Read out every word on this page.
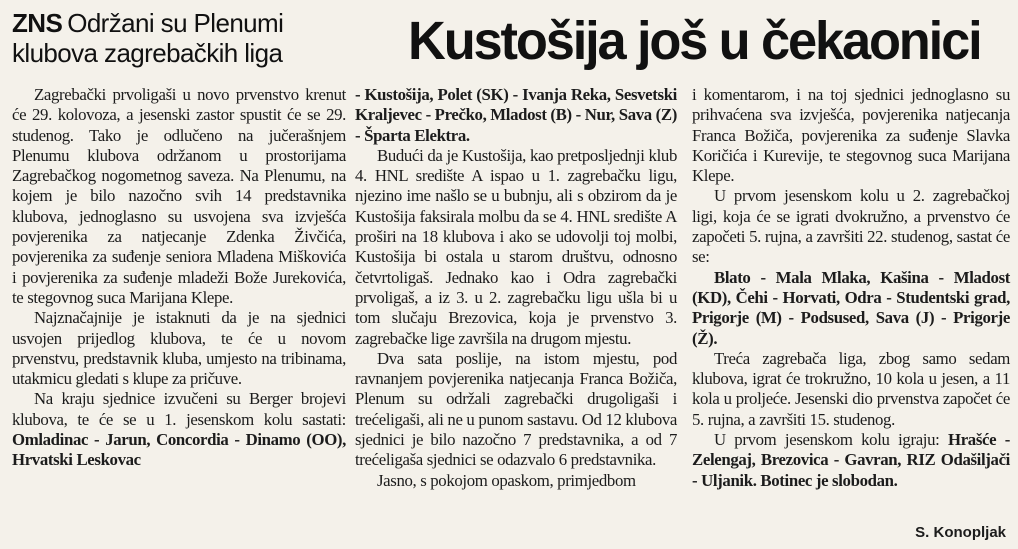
ZNS Održani su Plenumi klubova zagrebačkih liga	Kustošija još u čekaonici

Zagrebački prvoligaši u novo prvenstvo krenut će 29. kolovoza, a jesenski zastor spustit će se 29. studenog. Tako je odlučeno na jučerašnjem Plenumu klubova održanom u prostorijama Zagrebačkog nogometnog saveza. Na Plenumu, na kojem je bilo nazočno svih 14 predstavnika klubova, jednoglasno su usvojena sva izvješća povjerenika za natjecanje Zdenka Živčića, povjerenika za suđenje seniora Mladena Miškovića i povjerenika za suđenje mladeži Bože Jurekovića, te stegovnog suca Marijana Klepe.

Najznačajnije je istaknuti da je na sjednici usvojen prijedlog klubova, te će u novom prvenstvu, predstavnik kluba, umjesto na tribinama, utakmicu gledati s klupe za pričuve.

Na kraju sjednice izvučeni su Berger brojevi klubova, te će se u 1. jesenskom kolu sastati: Omladinac - Jarun, Concordia - Dinamo (OO), Hrvatski Leskovac

- Kustošija, Polet (SK) - Ivanja Reka, Sesvetski Kraljevec - Prečko, Mladost (B) - Nur, Sava (Z) - Šparta Elektra.

Budući da je Kustošija, kao pretposljednji klub 4. HNL središte A ispao u 1. zagrebačku ligu, njezino ime našlo se u bubnju, ali s obzirom da je Kustošija faksirala molbu da se 4. HNL središte A proširi na 18 klubova i ako se udovolji toj molbi, Kustošija bi ostala u starom društvu, odnosno četvrtoligaš. Jednako kao i Odra zagrebački prvoligaš, a iz 3. u 2. zagrebačku ligu ušla bi u tom slučaju Brezovica, koja je prvenstvo 3. zagrebačke lige završila na drugom mjestu.

Dva sata poslije, na istom mjestu, pod ravnanjem povjerenika natjecanja Franca Božiča, Plenum su održali zagrebački drugoligaši i trećeligaši, ali ne u punom sastavu. Od 12 klubova sjednici je bilo nazočno 7 predstavnika, a od 7 trećeligaša sjednici se odazvalo 6 predstavnika.

Jasno, s pokojom opaskom, primjedbom

i komentarom, i na toj sjednici jednoglasno su prihvaćena sva izvješća, povjerenika natjecanja Franca Božiča, povjerenika za suđenje Slavka Koričića i Kurevije, te stegovnog suca Marijana Klepe.

U prvom jesenskom kolu u 2. zagrebačkoj ligi, koja će se igrati dvokružno, a prvenstvo će započeti 5. rujna, a završiti 22. studenog, sastat će se:

Blato - Mala Mlaka, Kašina - Mladost (KD), Čehi - Horvati, Odra - Studentski grad, Prigorje (M) - Podsused, Sava (J) - Prigorje (Ž).

Treća zagrebača liga, zbog samo sedam klubova, igrat će trokružno, 10 kola u jesen, a 11 kola u proljeće. Jesenski dio prvenstva započet će 5. rujna, a završiti 15. studenog.

U prvom jesenskom kolu igraju: Hrašće - Zelengaj, Brezovica - Gavran, RIZ Odašiljači - Uljanik. Botinec je slobodan.

S. Konopljak
